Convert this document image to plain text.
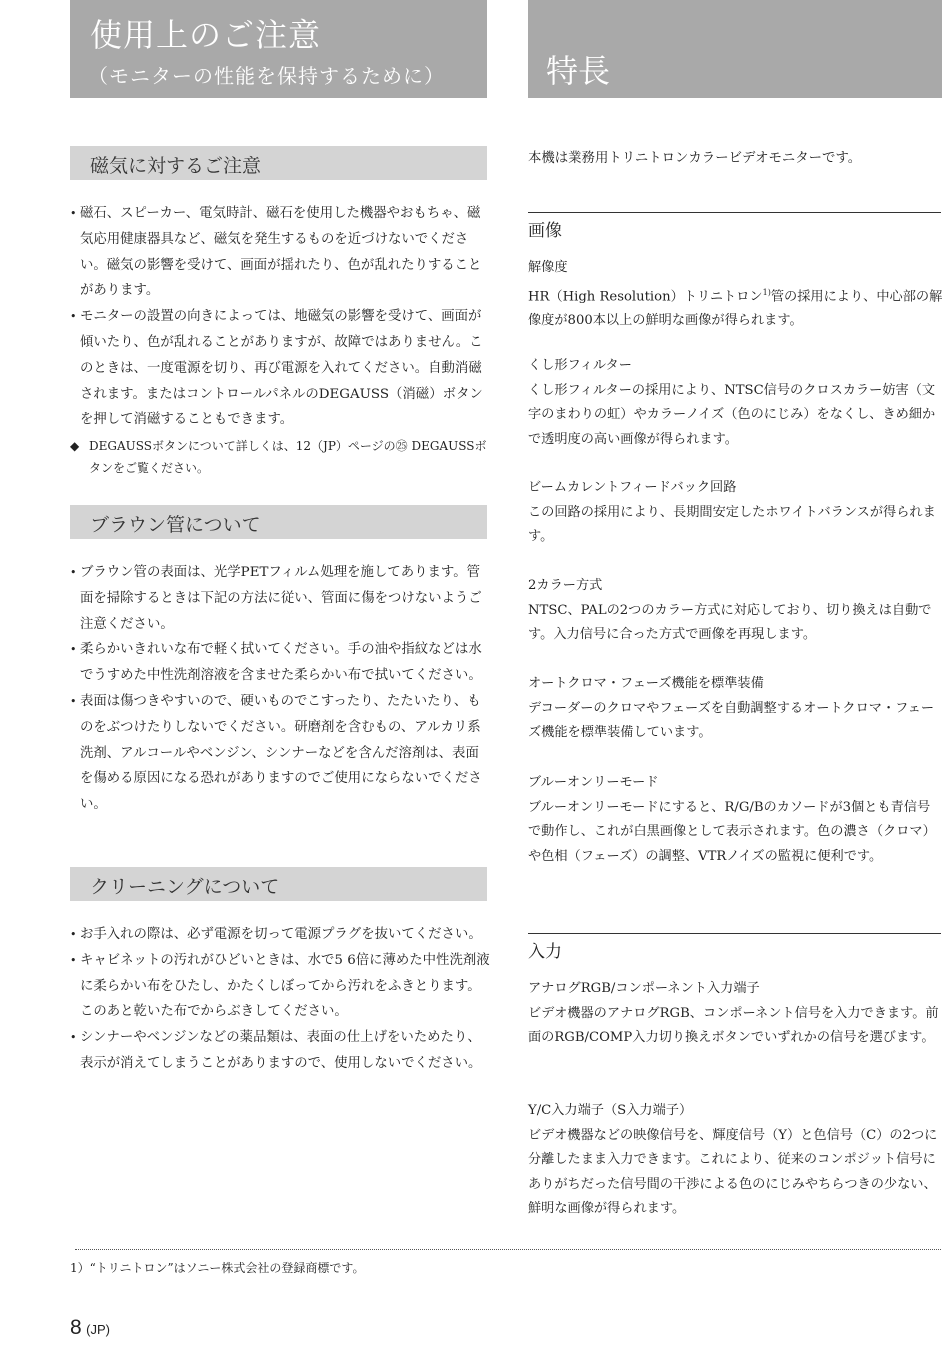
使用上のご注意
（モニターの性能を保持するために）	特長
磁気に対するご注意
• 磁石、スピーカー、電気時計、磁石を使用した機器やおもちゃ、磁気応用健康器具など、磁気を発生するものを近づけないでください。磁気の影響を受けて、画面が揺れたり、色が乱れたりすることがあります。
• モニターの設置の向きによっては、地磁気の影響を受けて、画面が傾いたり、色が乱れることがありますが、故障ではありません。このときは、一度電源を切り、再び電源を入れてください。自動消磁されます。またはコントロールパネルのDEGAUSS（消磁）ボタンを押して消磁することもできます。
◆ DEGAUSSボタンについて詳しくは、12（JP）ページの㉕ DEGAUSSボタンをご覧ください。
ブラウン管について
• ブラウン管の表面は、光学PETフィルム処理を施してあります。管面を掃除するときは下記の方法に従い、管面に傷をつけないようご注意ください。
• 柔らかいきれいな布で軽く拭いてください。手の油や指紋などは水でうすめた中性洗剤溶液を含ませた柔らかい布で拭いてください。
• 表面は傷つきやすいので、硬いものでこすったり、たたいたり、ものをぶつけたりしないでください。研磨剤を含むもの、アルカリ系洗剤、アルコールやベンジン、シンナーなどを含んだ溶剤は、表面を傷める原因になる恐れがありますのでご使用にならないでください。
クリーニングについて
• お手入れの際は、必ず電源を切って電源プラグを抜いてください。
• キャビネットの汚れがひどいときは、水で5 6倍に薄めた中性洗剤液に柔らかい布をひたし、かたくしぼってから汚れをふきとります。このあと乾いた布でからぶきしてください。
• シンナーやベンジンなどの薬品類は、表面の仕上げをいためたり、表示が消えてしまうことがありますので、使用しないでください。
本機は業務用トリニトロンカラービデオモニターです。
画像

解像度

HR（High Resolution）トリニトロン$^{1)}$管の採用により、中心部の解像度が800本以上の鮮明な画像が得られます。

くし形フィルター

くし形フィルターの採用により、NTSC信号のクロスカラー妨害（文字のまわりの虹）やカラーノイズ（色のにじみ）をなくし、きめ細かで透明度の高い画像が得られます。

ビームカレントフィードバック回路

この回路の採用により、長期間安定したホワイトバランスが得られます。

2カラー方式

NTSC、PALの2つのカラー方式に対応しており、切り換えは自動です。入力信号に合った方式で画像を再現します。

オートクロマ・フェーズ機能を標準装備

デコーダーのクロマやフェーズを自動調整するオートクロマ・フェーズ機能を標準装備しています。

ブルーオンリーモード

ブルーオンリーモードにすると、R/G/Bのカソードが3個とも青信号で動作し、これが白黒画像として表示されます。色の濃さ（クロマ）や色相（フェーズ）の調整、VTRノイズの監視に便利です。

入力

アナログRGB/コンポーネント入力端子

ビデオ機器のアナログRGB、コンポーネント信号を入力できます。前面のRGB/COMP入力切り換えボタンでいずれかの信号を選びます。

Y/C入力端子（S入力端子）

ビデオ機器などの映像信号を、輝度信号（Y）と色信号（C）の2つに分離したまま入力できます。これにより、従来のコンポジット信号にありがちだった信号間の干渉による色のにじみやちらつきの少ない、鮮明な画像が得られます。

1）“トリニトロン”はソニー株式会社の登録商標です。
8 (JP)
